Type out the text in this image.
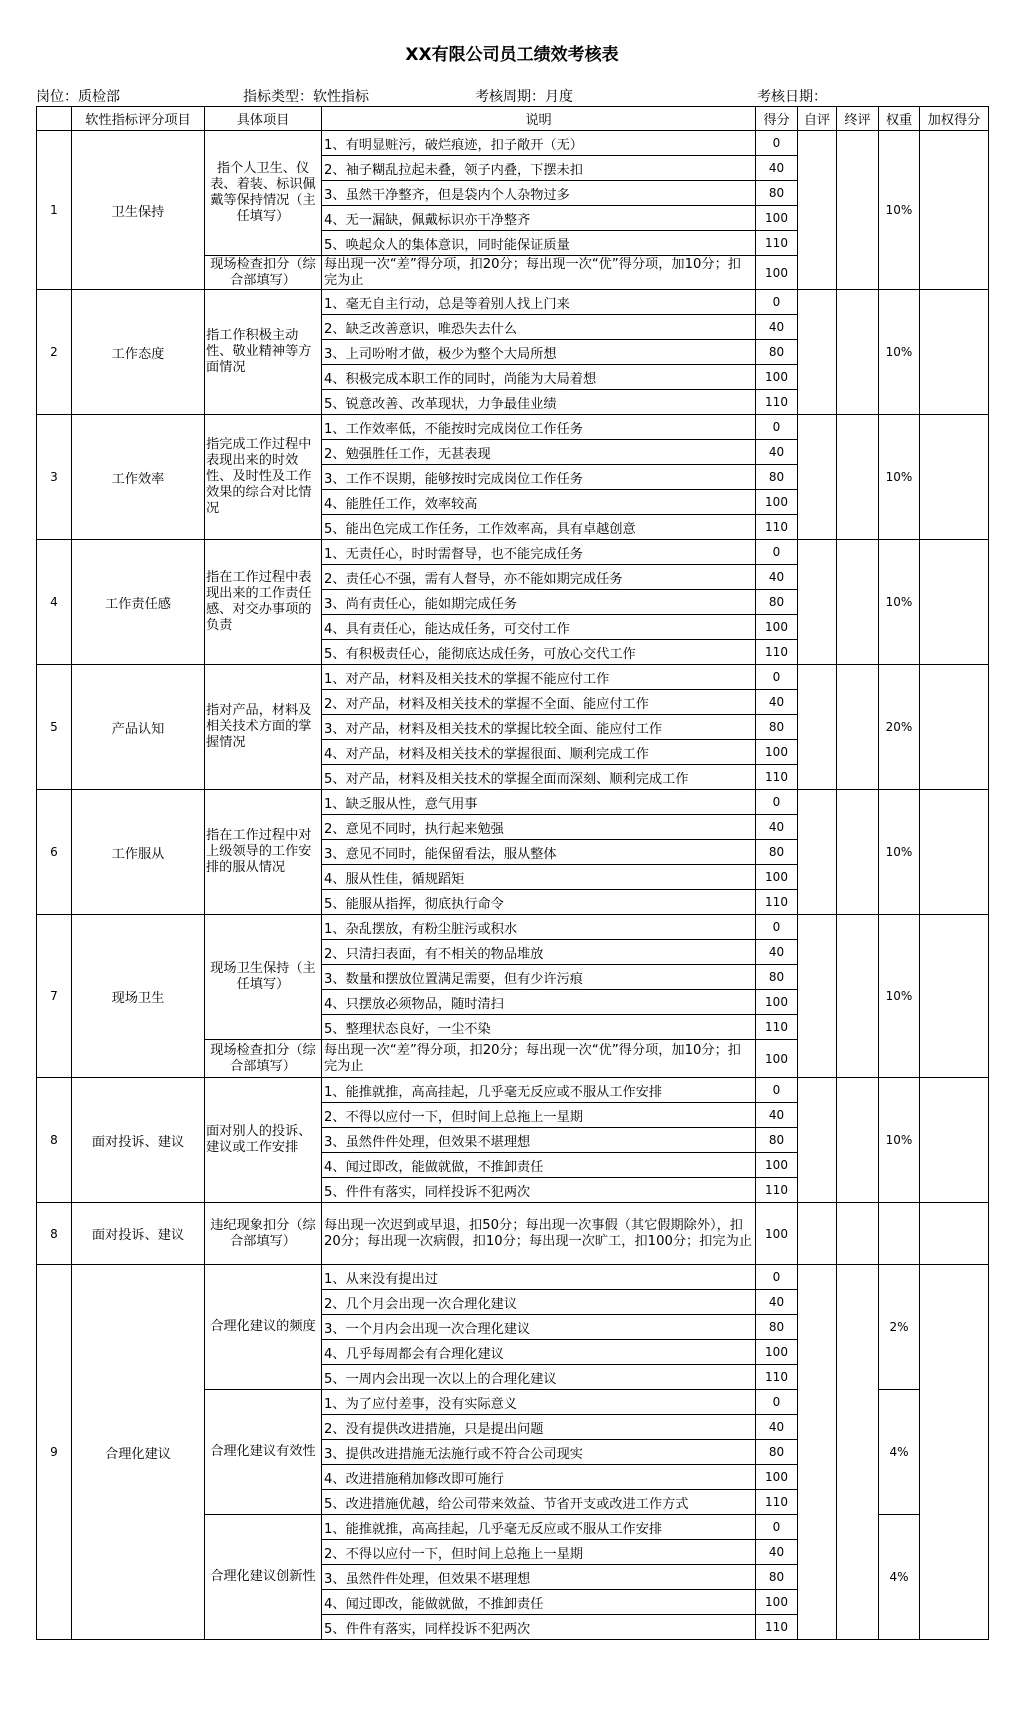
XX有限公司员工绩效考核表
岗位：质检部	指标类型：软性指标	考核周期：月度	考核日期：
	软性指标评分项目	具体项目	说明	得分	自评	终评	权重	加权得分
1	卫生保持	指个人卫生、仪表、着装、标识佩戴等保持情况（主任填写）	1、有明显赃污，破烂痕迹，扣子敞开（无）	0			10%	
			2、袖子糊乱拉起未叠，领子内叠，下摆未扣	40				
			3、虽然干净整齐，但是袋内个人杂物过多	80				
			4、无一漏缺，佩戴标识亦干净整齐	100				
			5、唤起众人的集体意识，同时能保证质量	110				
		现场检查扣分（综合部填写）	每出现一次“差”得分项，扣20分；每出现一次“优”得分项，加10分；扣完为止	100				
2	工作态度	指工作积极主动性、敬业精神等方面情况	1、毫无自主行动，总是等着别人找上门来	0			10%	
			2、缺乏改善意识，唯恐失去什么	40				
			3、上司吩咐才做，极少为整个大局所想	80				
			4、积极完成本职工作的同时，尚能为大局着想	100				
			5、锐意改善、改革现状，力争最佳业绩	110				
3	工作效率	指完成工作过程中表现出来的时效性、及时性及工作效果的综合对比情况	1、工作效率低，不能按时完成岗位工作任务	0			10%	
			2、勉强胜任工作，无甚表现	40				
			3、工作不误期，能够按时完成岗位工作任务	80				
			4、能胜任工作，效率较高	100				
			5、能出色完成工作任务，工作效率高，具有卓越创意	110				
4	工作责任感	指在工作过程中表现出来的工作责任感、对交办事项的负责	1、无责任心，时时需督导，也不能完成任务	0			10%	
			2、责任心不强，需有人督导，亦不能如期完成任务	40				
			3、尚有责任心，能如期完成任务	80				
			4、具有责任心，能达成任务，可交付工作	100				
			5、有积极责任心，能彻底达成任务，可放心交代工作	110				
5	产品认知	指对产品，材料及相关技术方面的掌握情况	1、对产品，材料及相关技术的掌握不能应付工作	0			20%	
			2、对产品，材料及相关技术的掌握不全面、能应付工作	40				
			3、对产品，材料及相关技术的掌握比较全面、能应付工作	80				
			4、对产品，材料及相关技术的掌握很面、顺利完成工作	100				
			5、对产品，材料及相关技术的掌握全面而深刻、顺利完成工作	110				
6	工作服从	指在工作过程中对上级领导的工作安排的服从情况	1、缺乏服从性，意气用事	0			10%	
			2、意见不同时，执行起来勉强	40				
			3、意见不同时，能保留看法，服从整体	80				
			4、服从性佳，循规蹈矩	100				
			5、能服从指挥，彻底执行命令	110				
7	现场卫生	现场卫生保持（主任填写）	1、杂乱摆放，有粉尘脏污或积水	0			10%	
			2、只清扫表面，有不相关的物品堆放	40				
			3、数量和摆放位置满足需要，但有少许污痕	80				
			4、只摆放必须物品，随时清扫	100				
			5、整理状态良好，一尘不染	110				
		现场检查扣分（综合部填写）	每出现一次“差”得分项，扣20分；每出现一次“优”得分项，加10分；扣完为止	100				
8	面对投诉、建议	面对别人的投诉、建议或工作安排	1、能推就推，高高挂起，几乎毫无反应或不服从工作安排	0			10%	
			2、不得以应付一下，但时间上总拖上一星期	40				
			3、虽然件件处理，但效果不堪理想	80				
			4、闻过即改，能做就做，不推卸责任	100				
			5、件件有落实，同样投诉不犯两次	110				
8	面对投诉、建议	违纪现象扣分（综合部填写）	每出现一次迟到或早退，扣50分；每出现一次事假（其它假期除外），扣20分；每出现一次病假，扣10分；每出现一次旷工，扣100分；扣完为止	100				
9	合理化建议	合理化建议的频度	1、从来没有提出过	0			2%	
			2、几个月会出现一次合理化建议	40				
			3、一个月内会出现一次合理化建议	80				
			4、几乎每周都会有合理化建议	100				
			5、一周内会出现一次以上的合理化建议	110				
		合理化建议有效性	1、为了应付差事，没有实际意义	0			4%	
			2、没有提供改进措施，只是提出问题	40				
			3、提供改进措施无法施行或不符合公司现实	80				
			4、改进措施稍加修改即可施行	100				
			5、改进措施优越，给公司带来效益、节省开支或改进工作方式	110				
		合理化建议创新性	1、能推就推，高高挂起，几乎毫无反应或不服从工作安排	0			4%	
			2、不得以应付一下，但时间上总拖上一星期	40				
			3、虽然件件处理，但效果不堪理想	80				
			4、闻过即改，能做就做，不推卸责任	100				
			5、件件有落实，同样投诉不犯两次	110				
